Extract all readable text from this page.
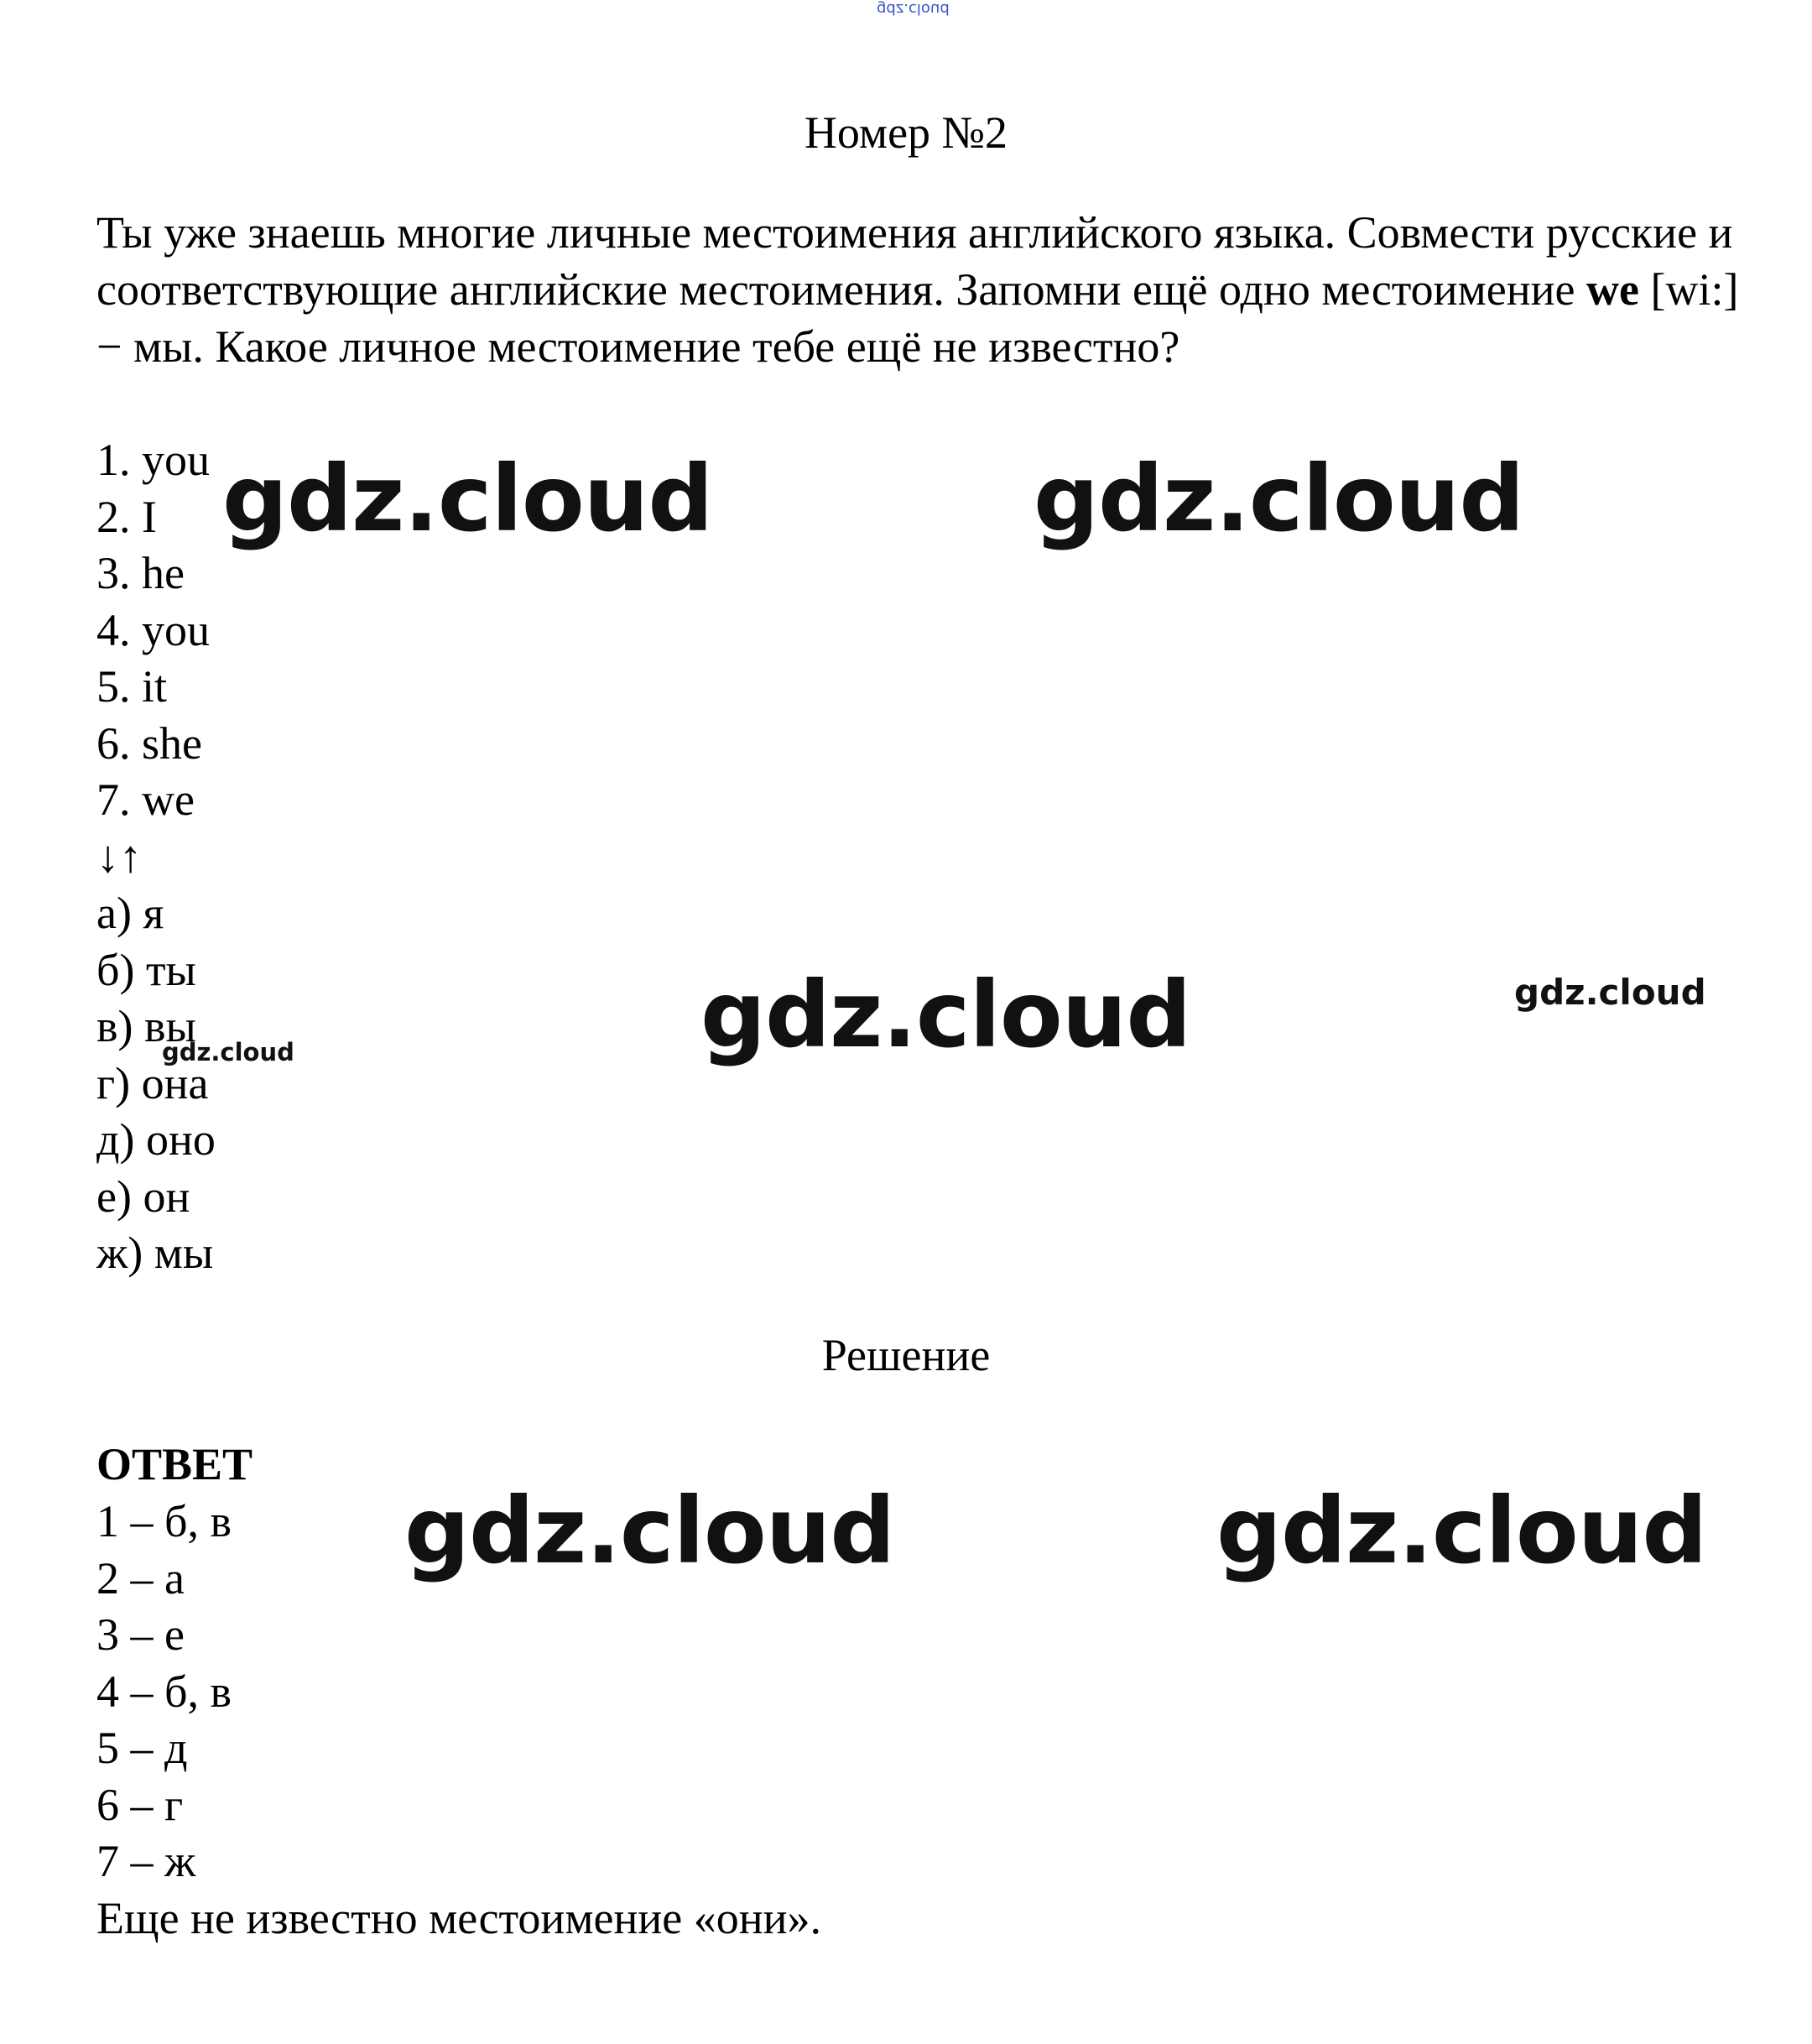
gdz.cloud
Номер №2
Ты уже знаешь многие личные местоимения английского языка. Совмести русские и соответствующие английские местоимения. Запомни ещё одно местоимение we [wi:] − мы. Какое личное местоимение тебе ещё не известно?
1. you
2. I
3. he
4. you
5. it
6. she
7. we
↓↑
а) я
б) ты
в) вы
г) она
д) оно
е) он
ж) мы
Решение
ОТВЕТ
1 – б, в
2 – а
3 – е
4 – б, в
5 – д
6 – г
7 – ж
Еще не известно местоимение «они».
gdz.cloud	gdz.cloud
gdz.cloud	gdz.cloud
gdz.cloud
gdz.cloud	gdz.cloud
